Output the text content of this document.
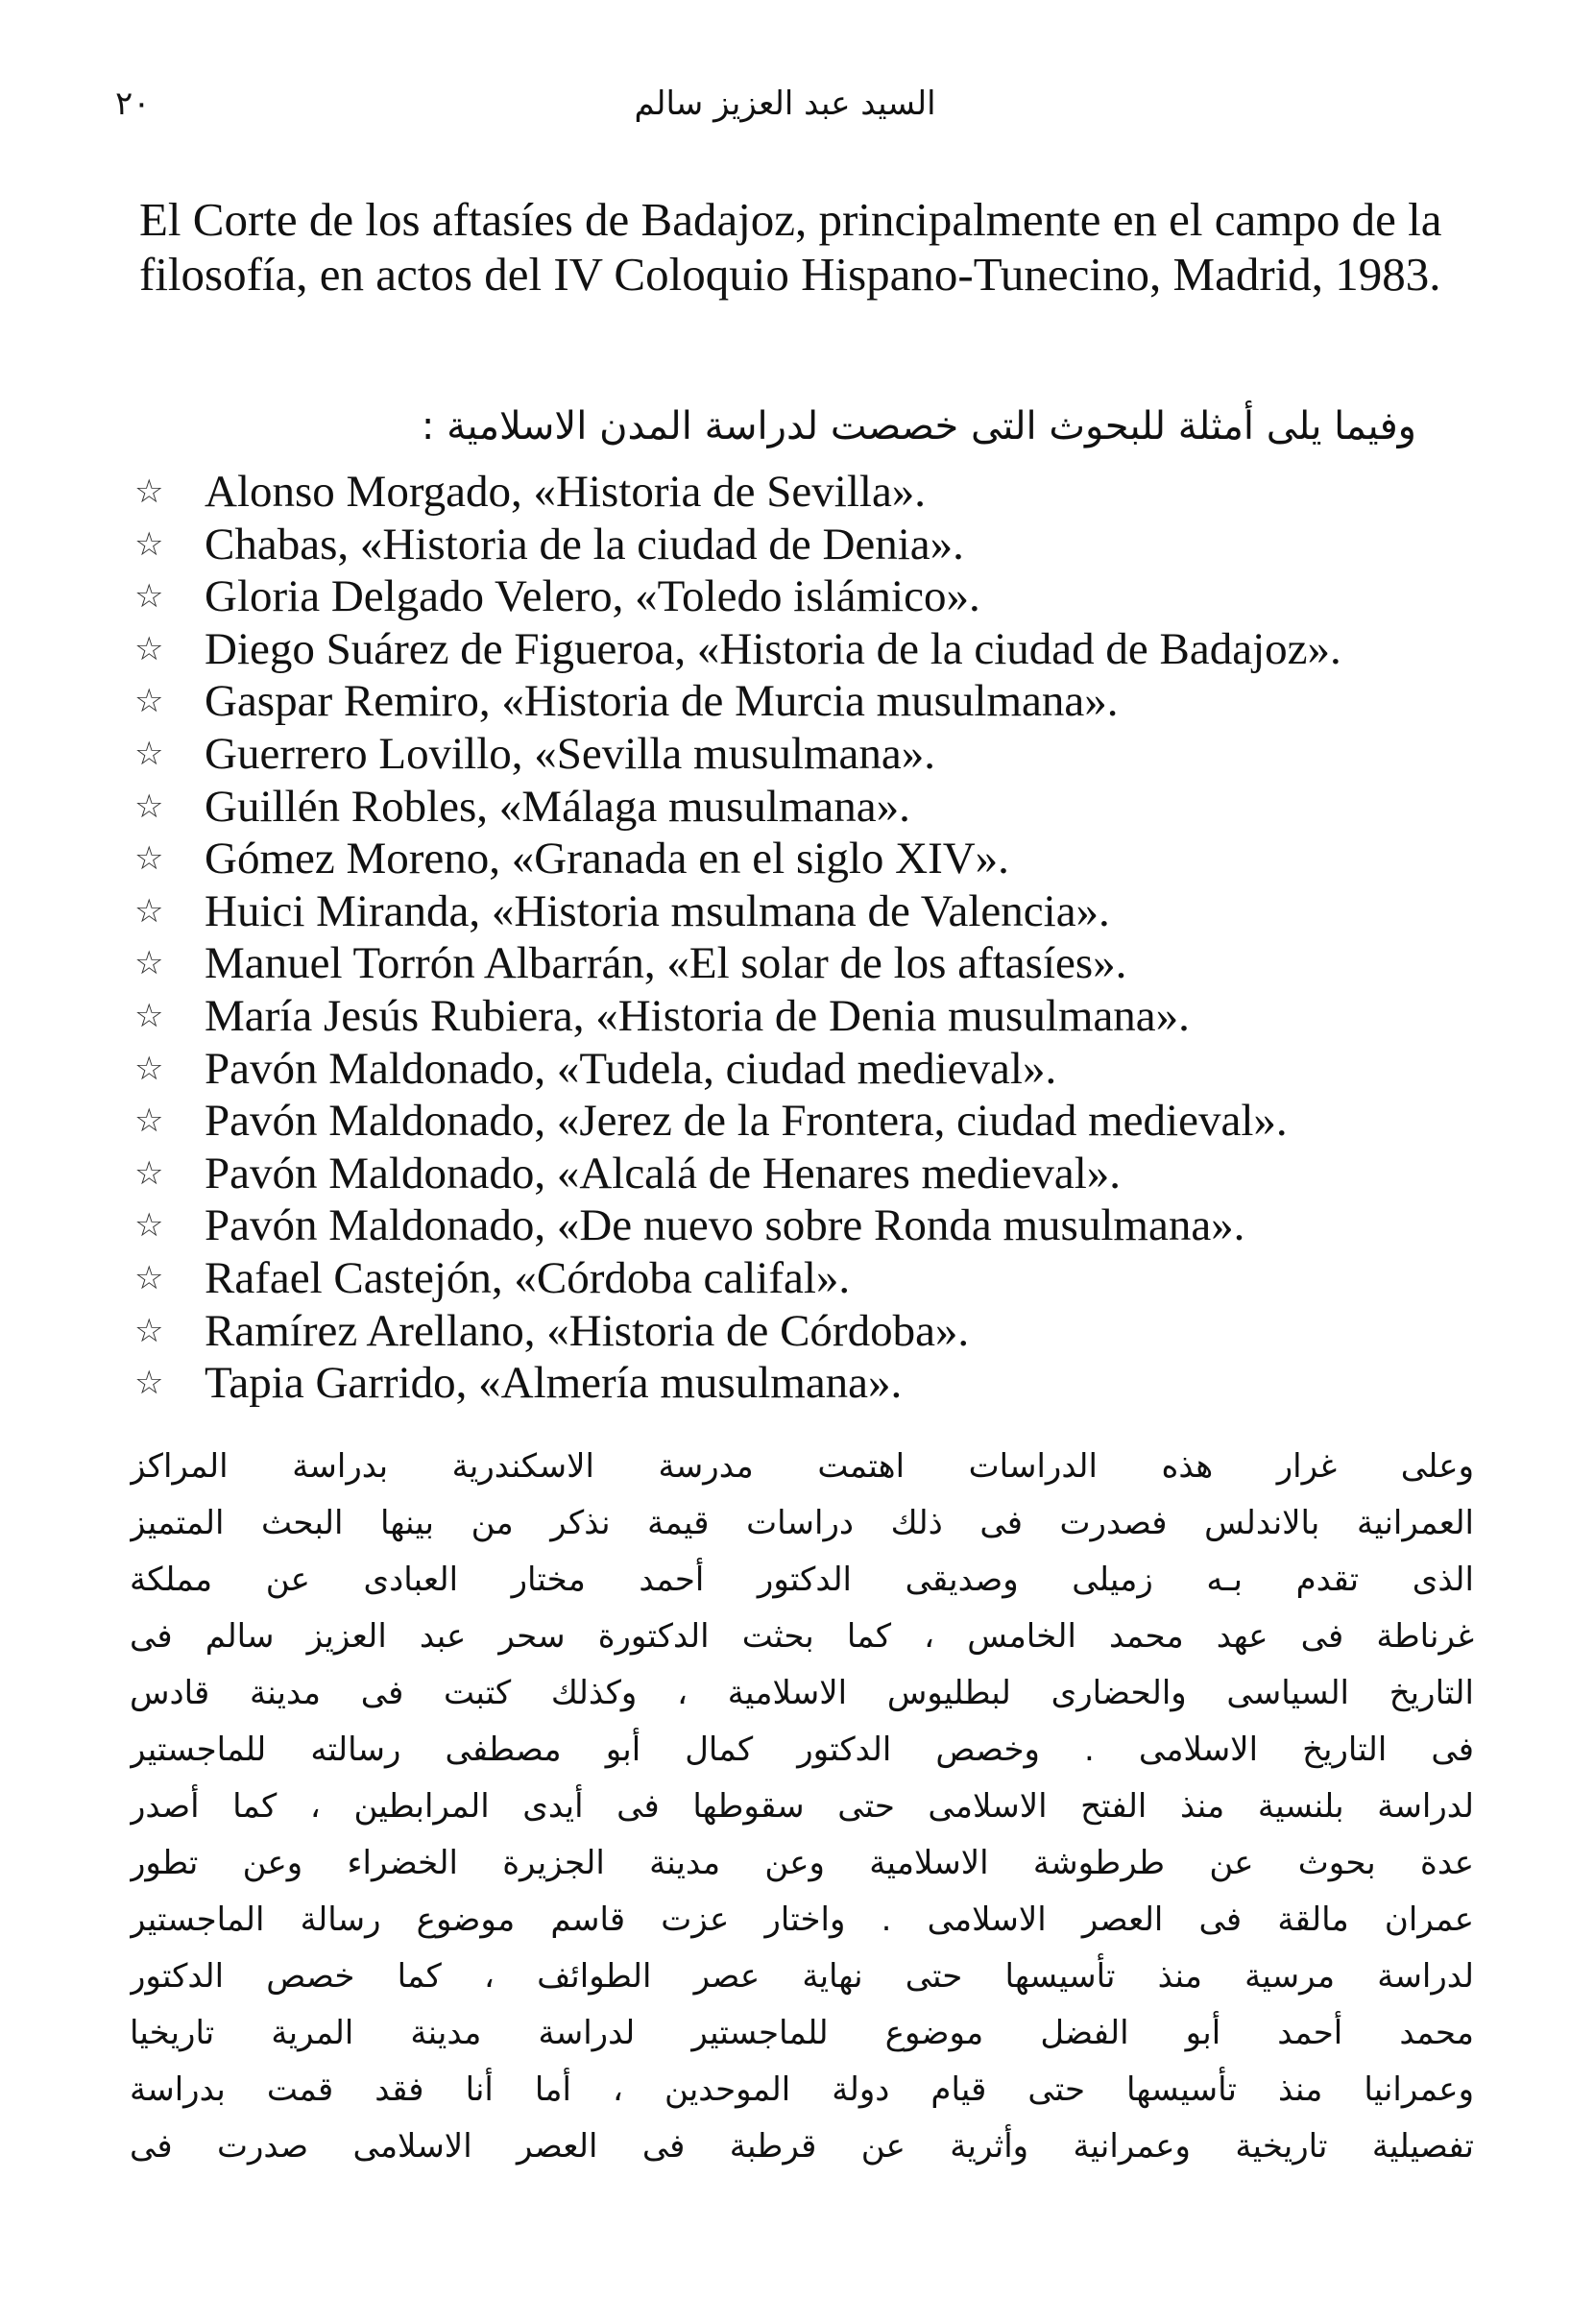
٢٠	السيد عبد العزيز سالم

El Corte de los aftasíes de Badajoz, principalmente en el campo de la filosofía, en actos del IV Coloquio Hispano-Tunecino, Madrid, 1983.

وفيما يلى أمثلة للبحوث التى خصصت لدراسة المدن الاسلامية :

☆ Alonso Morgado, «Historia de Sevilla».
☆ Chabas, «Historia de la ciudad de Denia».
☆ Gloria Delgado Velero, «Toledo islámico».
☆ Diego Suárez de Figueroa, «Historia de la ciudad de Badajoz».
☆ Gaspar Remiro, «Historia de Murcia musulmana».
☆ Guerrero Lovillo, «Sevilla musulmana».
☆ Guillén Robles, «Málaga musulmana».
☆ Gómez Moreno, «Granada en el siglo XIV».
☆ Huici Miranda, «Historia msulmana de Valencia».
☆ Manuel Torrón Albarrán, «El solar de los aftasíes».
☆ María Jesús Rubiera, «Historia de Denia musulmana».
☆ Pavón Maldonado, «Tudela, ciudad medieval».
☆ Pavón Maldonado, «Jerez de la Frontera, ciudad medieval».
☆ Pavón Maldonado, «Alcalá de Henares medieval».
☆ Pavón Maldonado, «De nuevo sobre Ronda musulmana».
☆ Rafael Castejón, «Córdoba califal».
☆ Ramírez Arellano, «Historia de Córdoba».
☆ Tapia Garrido, «Almería musulmana».
وعلى غرار هذه الدراسات اهتمت مدرسة الاسكندرية بدراسة المراكز
العمرانية بالاندلس فصدرت فى ذلك دراسات قيمة نذكر من بينها البحث المتميز
الذى تقدم بـه زميلى وصديقى الدكتور أحمد مختار العبادى عن مملكة
غرناطة فى عهد محمد الخامس ، كما بحثت الدكتورة سحر عبد العزيز سالم فى
التاريخ السياسى والحضارى لبطليوس الاسلامية ، وكذلك كتبت فى مدينة قادس
فى التاريخ الاسلامى . وخصص الدكتور كمال أبو مصطفى رسالته للماجستير
لدراسة بلنسية منذ الفتح الاسلامى حتى سقوطها فى أيدى المرابطين ، كما أصدر
عدة بحوث عن طرطوشة الاسلامية وعن مدينة الجزيرة الخضراء وعن تطور
عمران مالقة فى العصر الاسلامى . واختار عزت قاسم موضوع رسالة الماجستير
لدراسة مرسية منذ تأسيسها حتى نهاية عصر الطوائف ، كما خصص الدكتور
محمد أحمد أبو الفضل موضوع للماجستير لدراسة مدينة المرية تاريخيا
وعمرانيا منذ تأسيسها حتى قيام دولة الموحدين ، أما أنا فقد قمت بدراسة
تفصيلية تاريخية وعمرانية وأثرية عن قرطبة فى العصر الاسلامى صدرت فى
